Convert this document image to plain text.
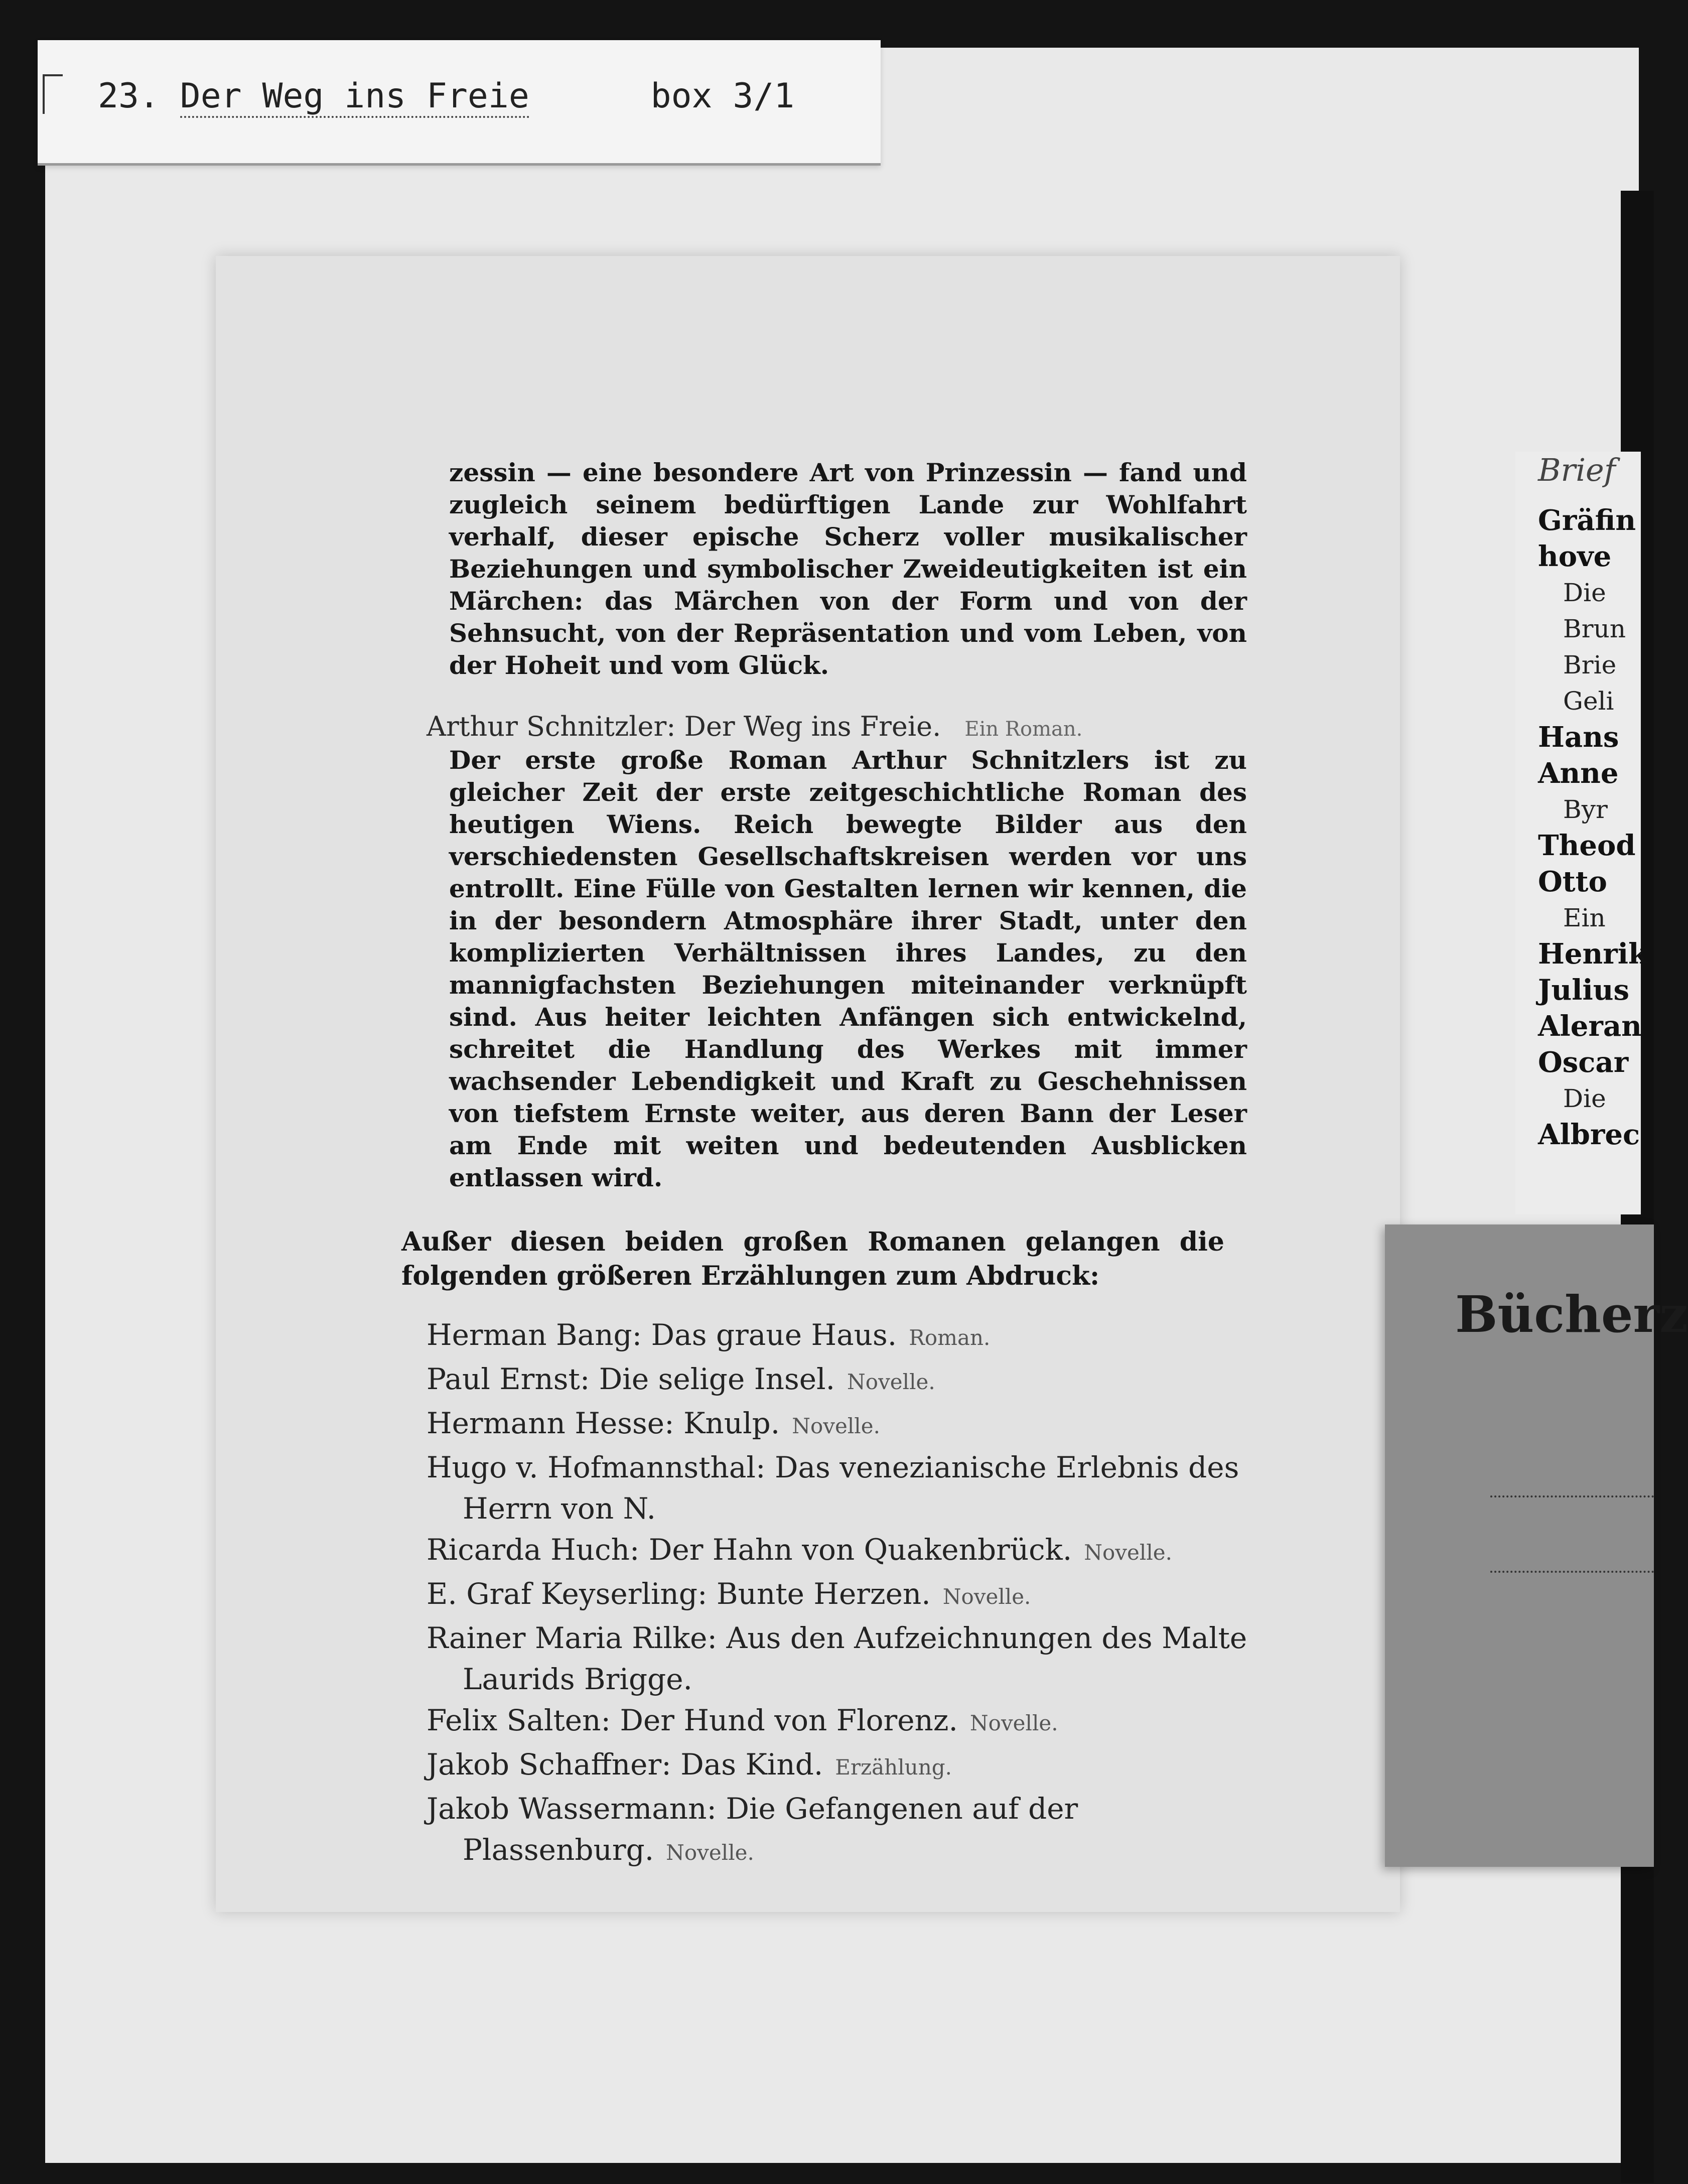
23. Der Weg ins Freie	box 3/1

zessin — eine besondere Art von Prinzessin — fand und zugleich seinem bedürftigen Lande zur Wohlfahrt verhalf, dieser epische Scherz voller musikalischer Beziehungen und symbolischer Zweideutigkeiten ist ein Märchen: das Märchen von der Form und von der Sehnsucht, von der Repräsentation und vom Leben, von der Hoheit und vom Glück.

Arthur Schnitzler: Der Weg ins Freie. Ein Roman.

Der erste große Roman Arthur Schnitzlers ist zu gleicher Zeit der erste zeitgeschichtliche Roman des heutigen Wiens. Reich bewegte Bilder aus den verschiedensten Gesellschaftskreisen werden vor uns entrollt. Eine Fülle von Gestalten lernen wir kennen, die in der besondern Atmosphäre ihrer Stadt, unter den komplizierten Verhältnissen ihres Landes, zu den mannigfachsten Beziehungen miteinander verknüpft sind. Aus heiter leichten Anfängen sich entwickelnd, schreitet die Handlung des Werkes mit immer wachsender Lebendigkeit und Kraft zu Geschehnissen von tiefstem Ernste weiter, aus deren Bann der Leser am Ende mit weiten und bedeutenden Ausblicken entlassen wird.

Außer diesen beiden großen Romanen gelangen die folgenden größeren Erzählungen zum Abdruck:

Herman Bang: Das graue Haus. Roman.
Paul Ernst: Die selige Insel. Novelle.
Hermann Hesse: Knulp. Novelle.
Hugo v. Hofmannsthal: Das venezianische Erlebnis des Herrn von N.
Ricarda Huch: Der Hahn von Quakenbrück. Novelle.
E. Graf Keyserling: Bunte Herzen. Novelle.
Rainer Maria Rilke: Aus den Aufzeichnungen des Malte Laurids Brigge.
Felix Salten: Der Hund von Florenz. Novelle.
Jakob Schaffner: Das Kind. Erzählung.
Jakob Wassermann: Die Gefangenen auf der Plassenburg. Novelle.
Brief
Gräfin
hove
Die
Brun
Brie
Geli
Hans
Anne
Byr
Theod
Otto
Ein
Henrik
Julius
Aleran
Oscar
Die
Albrec
Bücherz
